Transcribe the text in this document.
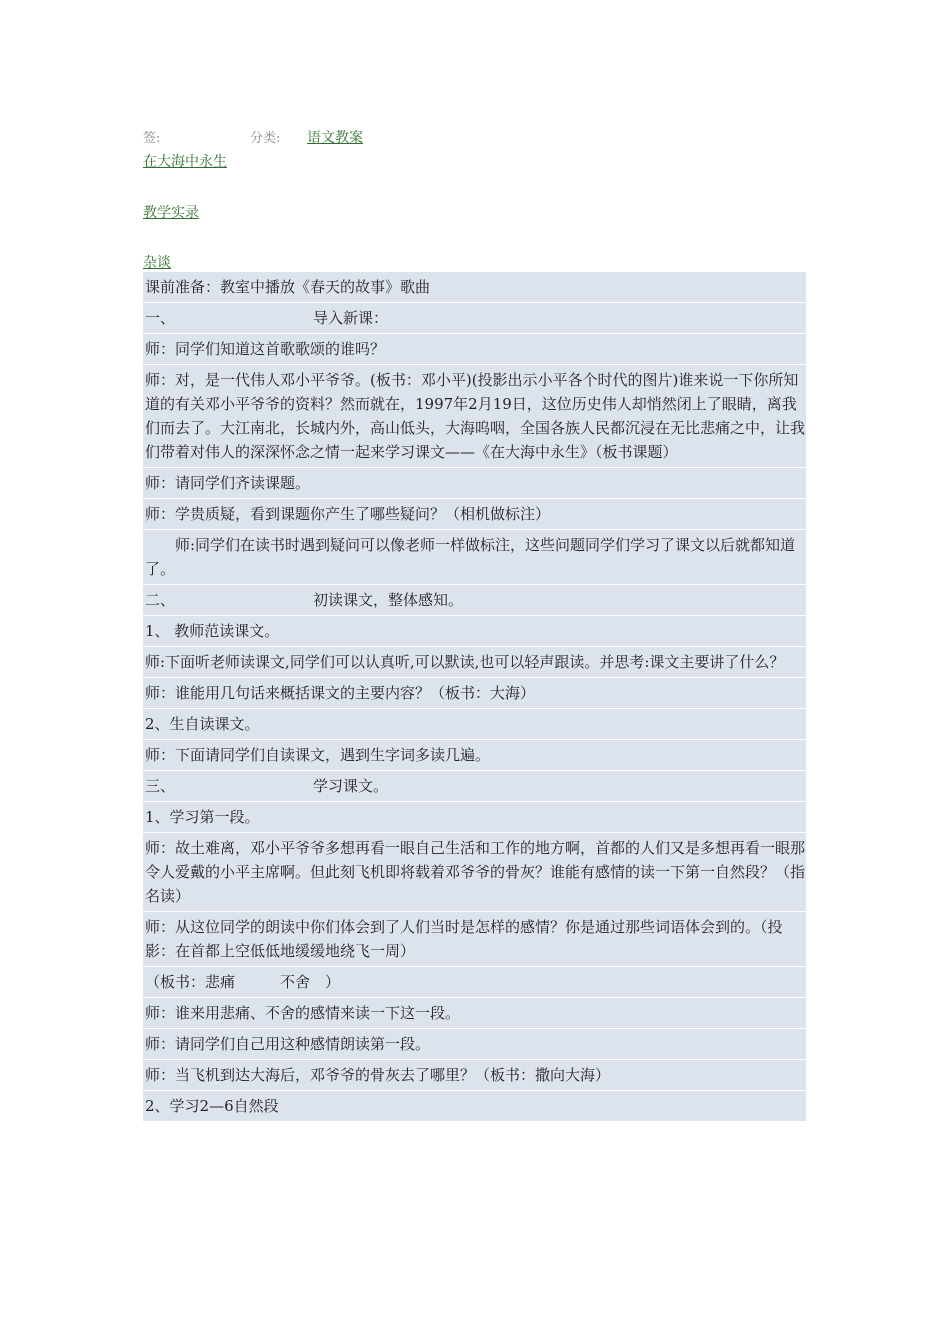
签:	分类: 语文教案
在大海中永生
教学实录
杂谈
课前准备：教室中播放《春天的故事》歌曲
一、	导入新课：
师：同学们知道这首歌歌颂的谁吗？
师：对，是一代伟人邓小平爷爷。(板书：邓小平)(投影出示小平各个时代的图片)谁来说一下你所知道的有关邓小平爷爷的资料？然而就在，1997年2月19日，这位历史伟人却悄然闭上了眼睛，离我们而去了。大江南北，长城内外，高山低头，大海呜咽，全国各族人民都沉浸在无比悲痛之中，让我们带着对伟人的深深怀念之情一起来学习课文——《在大海中永生》（板书课题）
师：请同学们齐读课题。
师：学贵质疑，看到课题你产生了哪些疑问？（相机做标注）
师:同学们在读书时遇到疑问可以像老师一样做标注，这些问题同学们学习了课文以后就都知道了。
二、	初读课文，整体感知。
1、 教师范读课文。
师:下面听老师读课文,同学们可以认真听,可以默读,也可以轻声跟读。并思考:课文主要讲了什么？
师：谁能用几句话来概括课文的主要内容？（板书：大海）
2、生自读课文。
师：下面请同学们自读课文，遇到生字词多读几遍。
三、	学习课文。
1、学习第一段。
师：故土难离，邓小平爷爷多想再看一眼自己生活和工作的地方啊，首都的人们又是多想再看一眼那令人爱戴的小平主席啊。但此刻飞机即将载着邓爷爷的骨灰？谁能有感情的读一下第一自然段？（指名读）
师：从这位同学的朗读中你们体会到了人们当时是怎样的感情？你是通过那些词语体会到的。（投影：在首都上空低低地缓缓地绕飞一周）
（板书：悲痛　　　不舍　）
师：谁来用悲痛、不舍的感情来读一下这一段。
师：请同学们自己用这种感情朗读第一段。
师：当飞机到达大海后，邓爷爷的骨灰去了哪里？（板书：撒向大海）
2、学习2—6自然段
